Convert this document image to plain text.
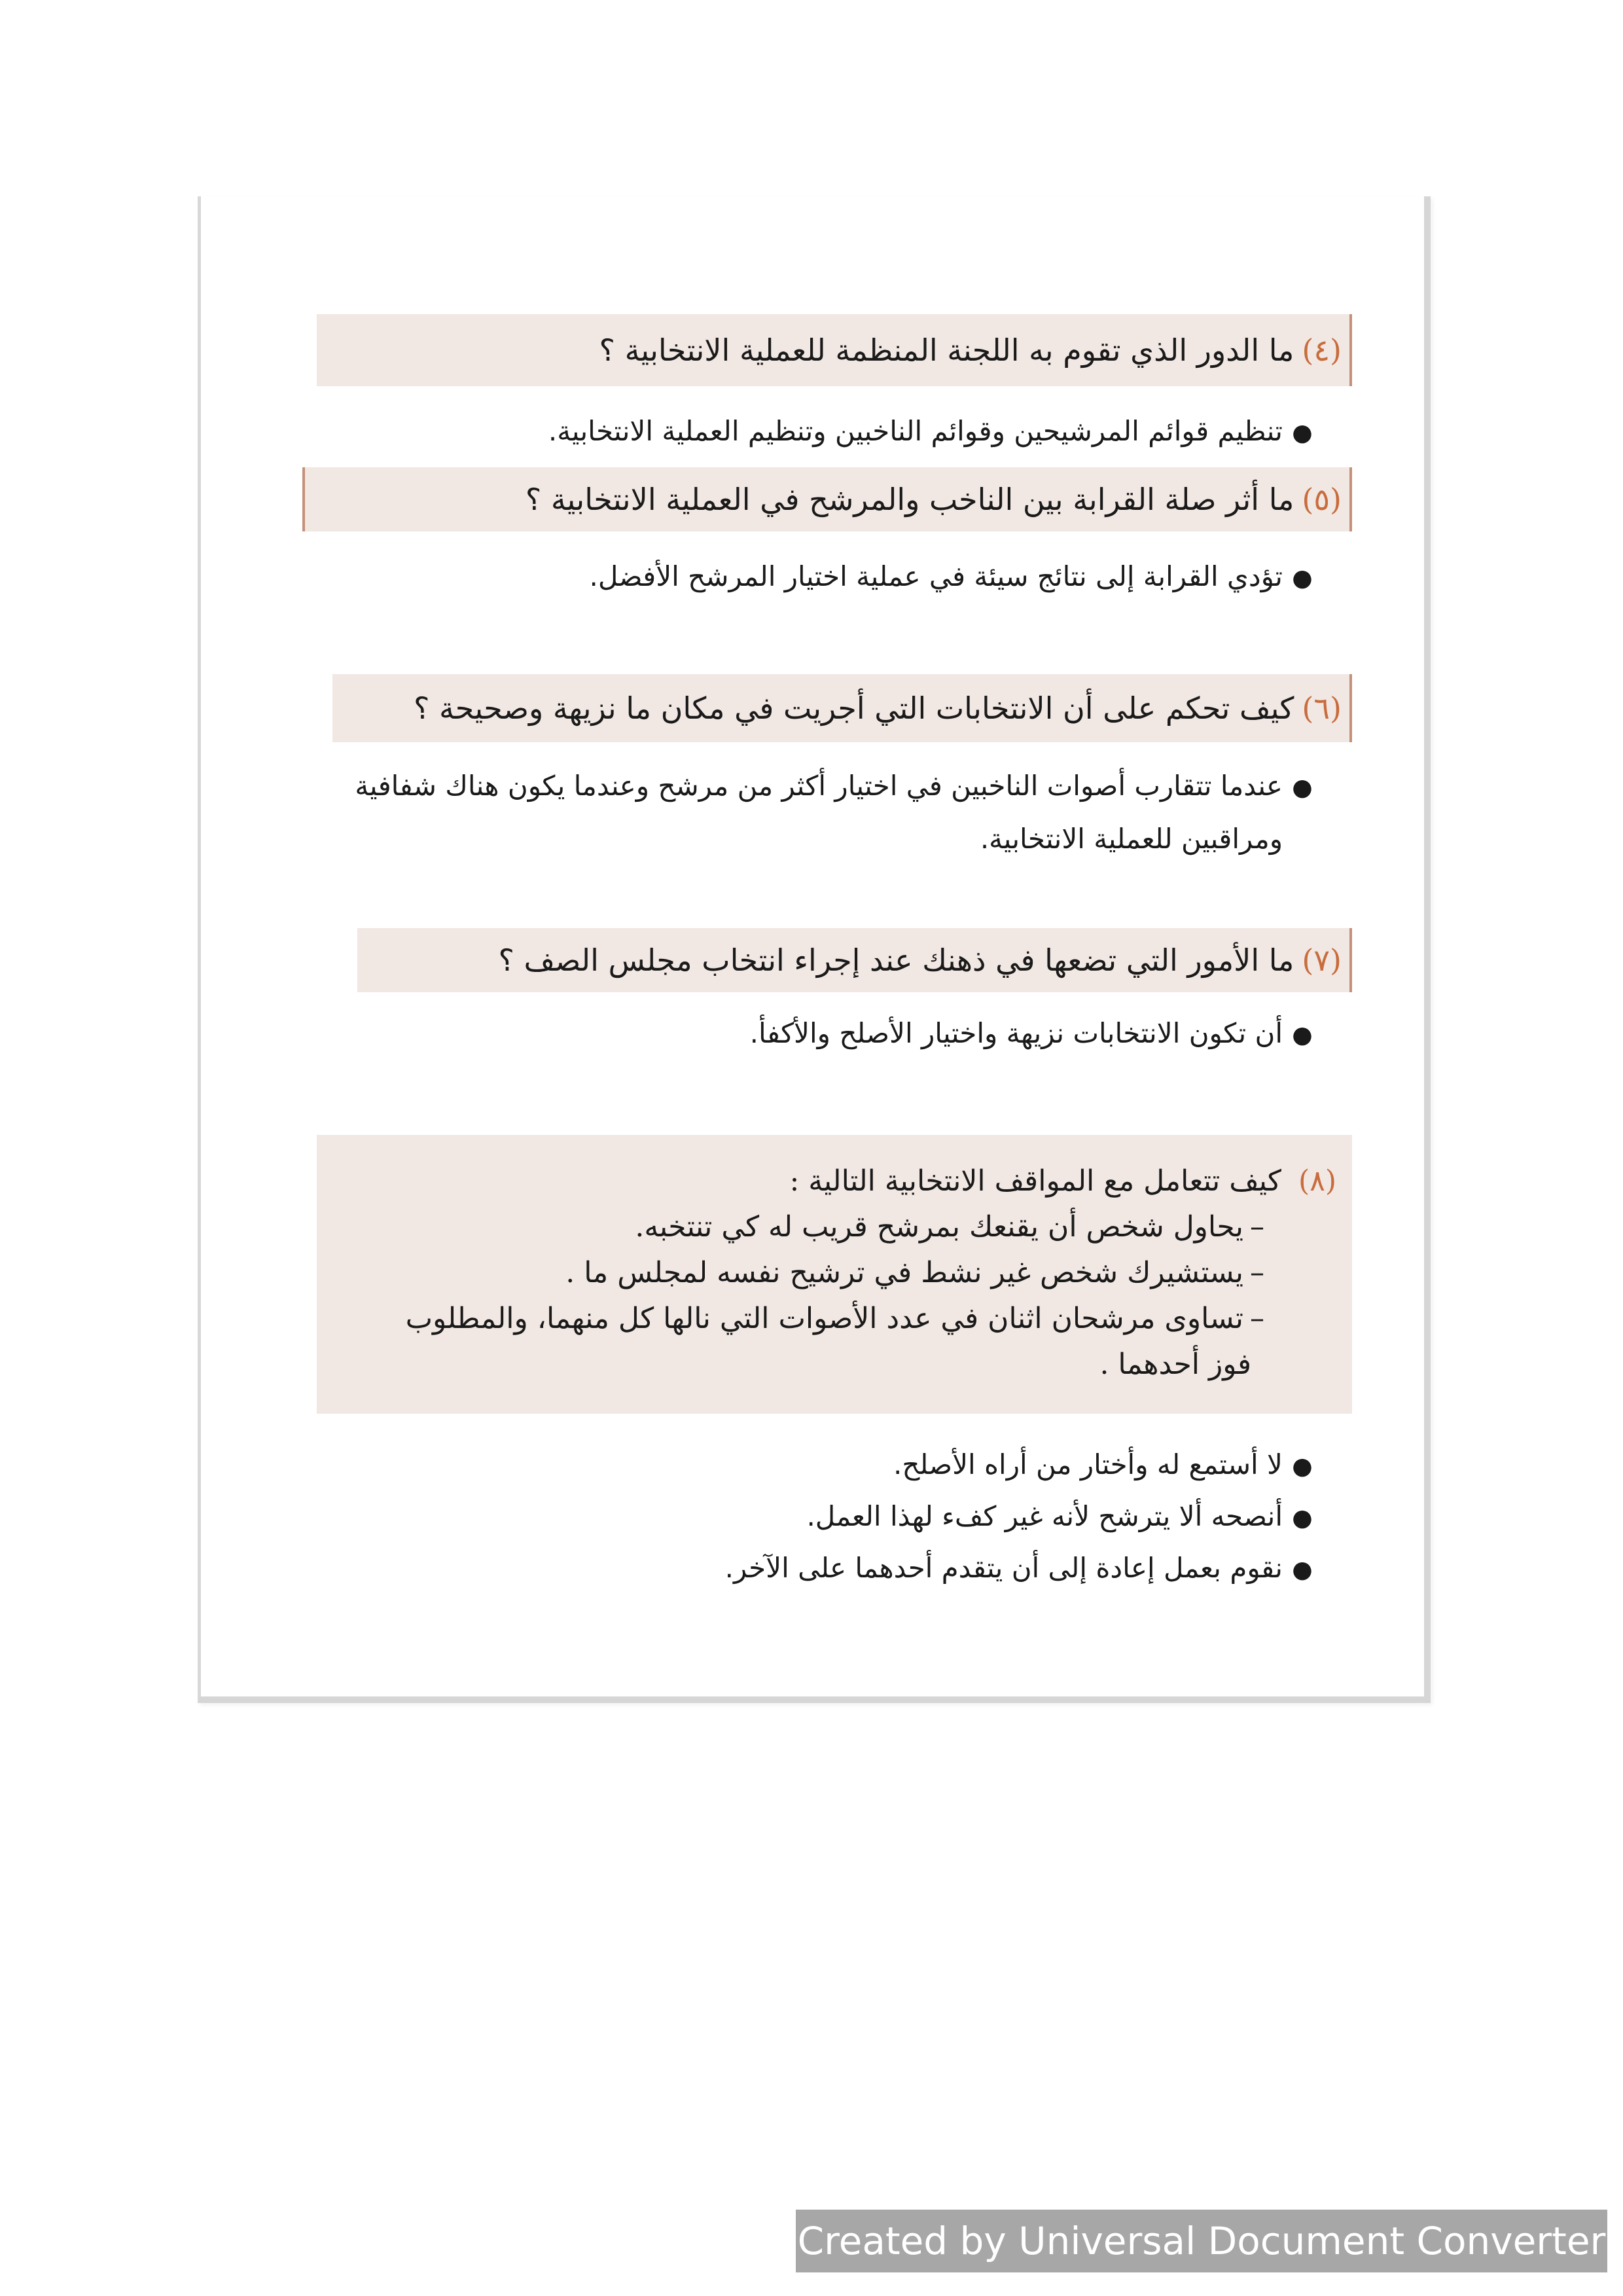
(٤)
ما الدور الذي تقوم به اللجنة المنظمة للعملية الانتخابية ؟
●تنظيم قوائم المرشيحين وقوائم الناخبين وتنظيم العملية الانتخابية.
(٥)
ما أثر صلة القرابة بين الناخب والمرشح في العملية الانتخابية ؟
●تؤدي القرابة إلى نتائج سيئة في عملية اختيار المرشح الأفضل.
(٦)
كيف تحكم على أن الانتخابات التي أجريت في مكان ما نزيهة وصحيحة ؟
●عندما تتقارب أصوات الناخبين في اختيار أكثر من مرشح وعندما يكون هناك شفافية
ومراقبين للعملية الانتخابية.
(٧)
ما الأمور التي تضعها في ذهنك عند إجراء انتخاب مجلس الصف ؟
●أن تكون الانتخابات نزيهة واختيار الأصلح والأكفأ.
(٨) كيف تتعامل مع المواقف الانتخابية التالية :
–يحاول شخص أن يقنعك بمرشح قريب له كي تنتخبه.
–يستشيرك شخص غير نشط في ترشيح نفسه لمجلس ما .
–تساوى مرشحان اثنان في عدد الأصوات التي نالها كل منهما، والمطلوب
فوز أحدهما .
●لا أستمع له وأختار من أراه الأصلح.
●أنصحه ألا يترشح لأنه غير كفء لهذا العمل.
●نقوم بعمل إعادة إلى أن يتقدم أحدهما على الآخر.
Created by Universal Document Converter
